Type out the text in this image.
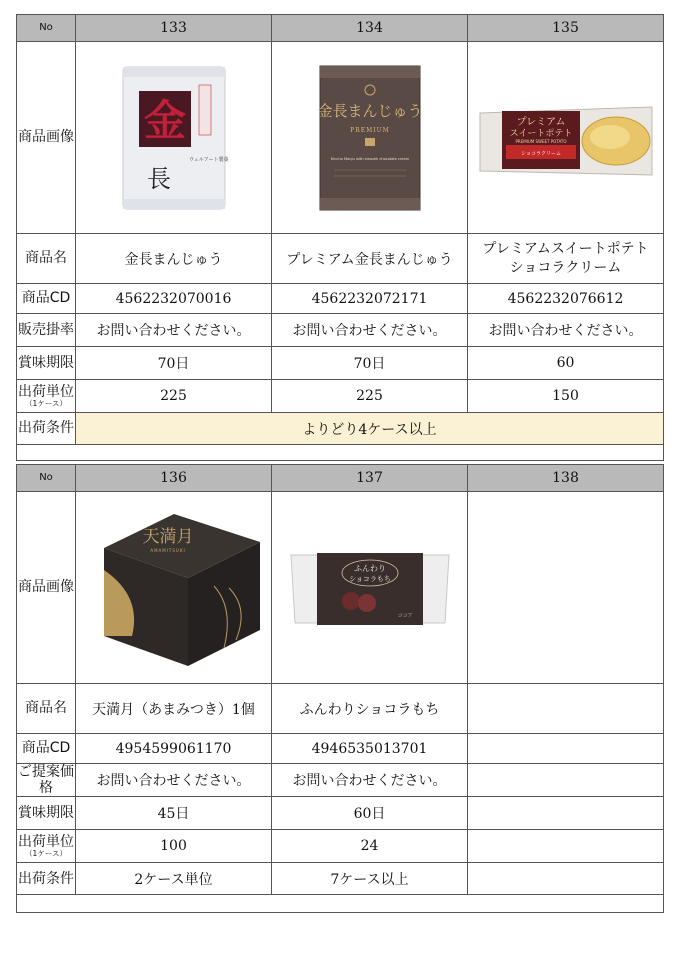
No	133	134	135
商品画像	金
長
ウェルアート製菓	金長まんじゅう
PREMIUM
Kincho Manju with smooth chocolate cream	プレミアム
スイートポテト
PREMIUM SWEET POTATO
ショコラクリーム

商品名	金長まんじゅう	プレミアム金長まんじゅう	プレミアムスイートポテト
ショコラクリーム

商品CD	4562232070016	4562232072171	4562232076612
販売掛率	お問い合わせください。	お問い合わせください。	お問い合わせください。
賞味期限	70日	70日	60

出荷単位
（1ケース）	225	225	150
出荷条件	よりどり4ケース以上		

No	136	137	138
商品画像	天満月
AMAMITSUKI	ふんわり
ショコラもち
ココア	

商品名	天満月（あまみつき）1個	ふんわりショコラもち	
商品CD	4954599061170	4946535013701	
ご提案価格	お問い合わせください。	お問い合わせください。	
賞味期限	45日	60日	

出荷単位
（1ケース）	100	24	
出荷条件	2ケース単位	7ケース以上	
